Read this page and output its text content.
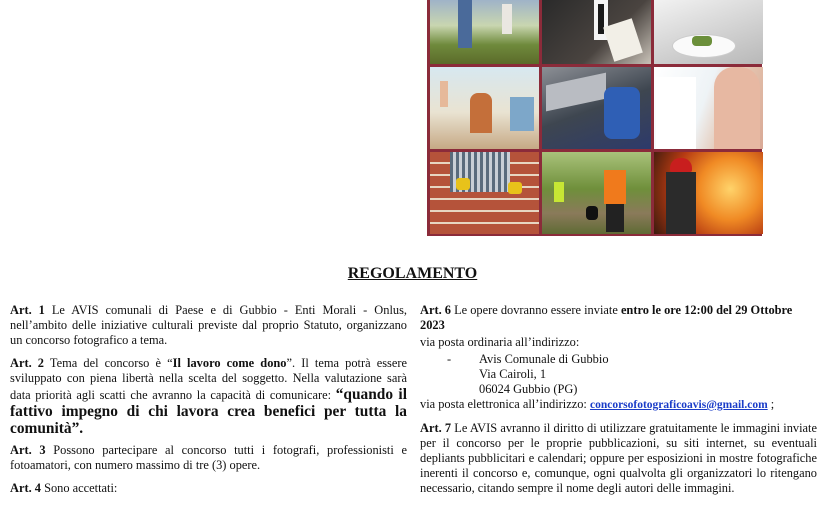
REGOLAMENTO

Art. 1 Le AVIS comunali di Paese e di Gubbio - Enti Morali - Onlus, nell’ambito delle iniziative culturali previste dal proprio Statuto, organizzano un concorso fotografico a tema.

Art. 2 Tema del concorso è “Il lavoro come dono”. Il tema potrà essere sviluppato con piena libertà nella scelta del soggetto. Nella valutazione sarà data priorità agli scatti che avranno la capacità di comunicare: “quando il fattivo impegno di chi lavora crea benefici per tutta la comunità”.

Art. 3 Possono partecipare al concorso tutti i fotografi, professionisti e fotoamatori, con numero massimo di tre (3) opere.

Art. 4 Sono accettati:

Art. 6 Le opere dovranno essere inviate entro le ore 12:00 del 29 Ottobre 2023

via posta ordinaria all’indirizzo:
- Avis Comunale di Gubbio
Via Cairoli, 1
06024 Gubbio (PG)

via posta elettronica all’indirizzo: concorsofotograficoavis@gmail.com ;

Art. 7 Le AVIS avranno il diritto di utilizzare gratuitamente le immagini inviate per il concorso per le proprie pubblicazioni, su siti internet, su eventuali depliants pubblicitari e calendari; oppure per esposizioni in mostre fotografiche inerenti il concorso e, comunque, ogni qualvolta gli organizzatori lo ritengano necessario, citando sempre il nome degli autori delle immagini.
